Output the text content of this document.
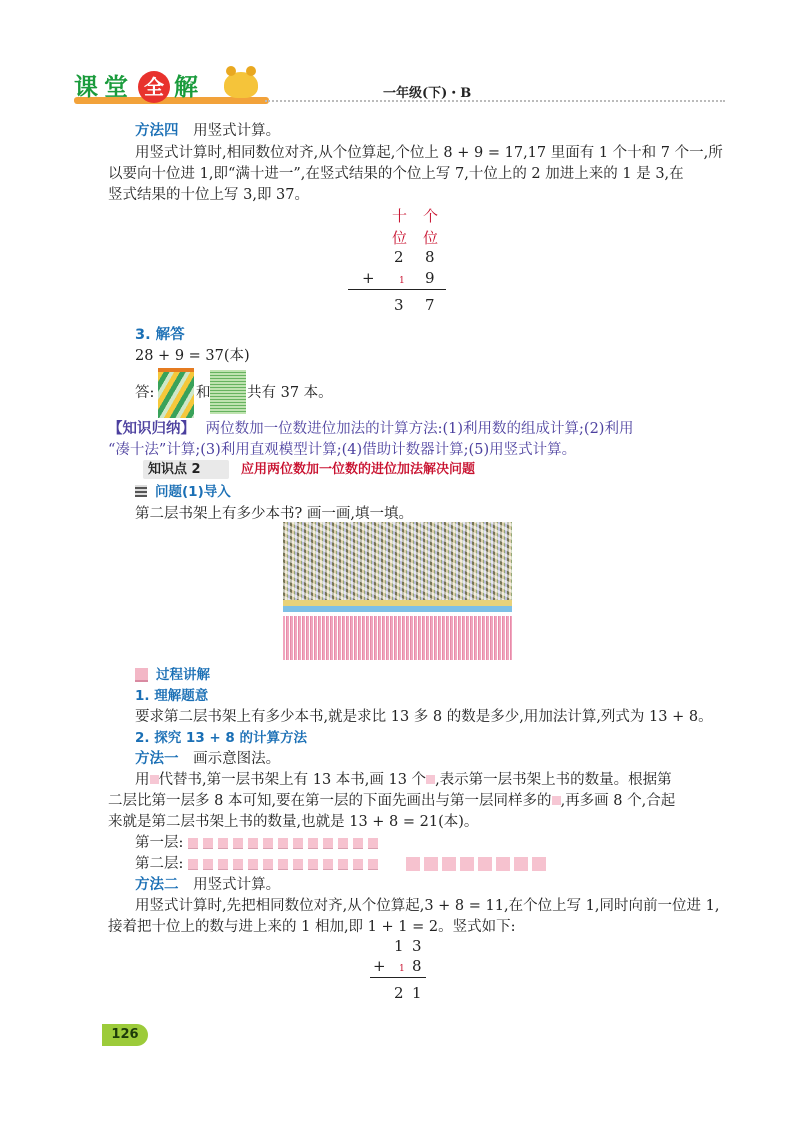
课 堂 全 解	一年级(下)・B
方法四 用竖式计算。
用竖式计算时,相同数位对齐,从个位算起,个位上 8 + 9 = 17,17 里面有 1 个十和 7 个一,所
以要向十位进 1,即“满十进一”,在竖式结果的个位上写 7,十位上的 2 加进上来的 1 是 3,在
竖式结果的十位上写 3,即 37。
十 个
位 位
2 8
+	1 9
3 7
3. 解答
28 + 9 = 37(本)
答:	和	共有 37 本。
【知识归纳】 两位数加一位数进位加法的计算方法:(1)利用数的组成计算;(2)利用
“凑十法”计算;(3)利用直观模型计算;(4)借助计数器计算;(5)用竖式计算。
知识点 2	应用两位数加一位数的进位加法解决问题
问题(1)导入
第二层书架上有多少本书? 画一画,填一填。
过程讲解
1. 理解题意
要求第二层书架上有多少本书,就是求比 13 多 8 的数是多少,用加法计算,列式为 13 + 8。
2. 探究 13 + 8 的计算方法
方法一 画示意图法。
用 代替书,第一层书架上有 13 本书,画 13 个 ,表示第一层书架上书的数量。根据第
二层比第一层多 8 本可知,要在第一层的下面先画出与第一层同样多的 ,再多画 8 个,合起
来就是第二层书架上书的数量,也就是 13 + 8 = 21(本)。
第一层:
第二层:
方法二 用竖式计算。
用竖式计算时,先把相同数位对齐,从个位算起,3 + 8 = 11,在个位上写 1,同时向前一位进 1,
接着把十位上的数与进上来的 1 相加,即 1 + 1 = 2。竖式如下:
1 3
+ 1 8
2 1
126
